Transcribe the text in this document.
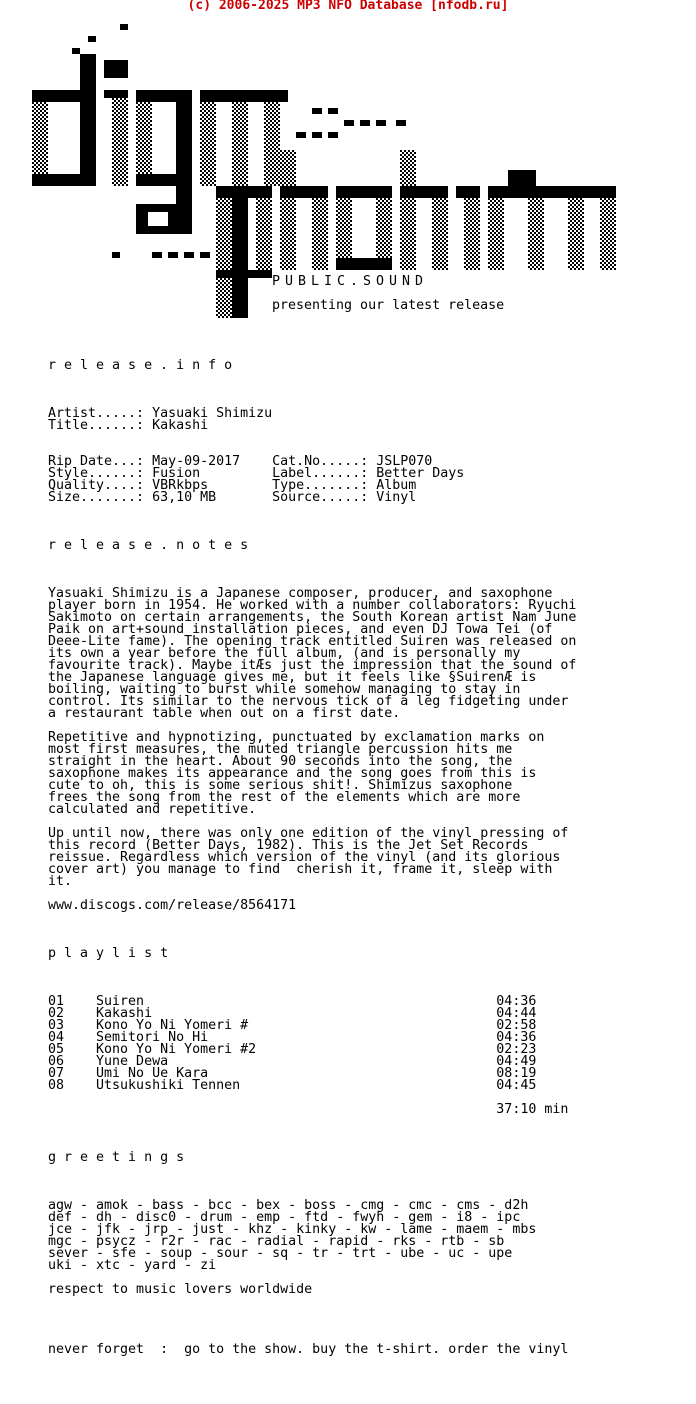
(c) 2006-2025 MP3 NFO Database [nfodb.ru]
PUBLIC.SOUND
presenting our latest release
r e l e a s e . i n f o
Artist.....: Yasuaki Shimizu
Title......: Kakashi
Rip Date...: May-09-2017    Cat.No.....: JSLP070
Style......: Fusion         Label......: Better Days
Quality....: VBRkbps        Type.......: Album
Size.......: 63,10 MB       Source.....: Vinyl
r e l e a s e . n o t e s
Yasuaki Shimizu is a Japanese composer, producer, and saxophone
player born in 1954. He worked with a number collaborators: Ryuchi
Sakimoto on certain arrangements, the South Korean artist Nam June
Paik on art+sound installation pieces, and even DJ Towa Tei (of
Deee-Lite fame). The opening track entitled Suiren was released on
its own a year before the full album, (and is personally my
favourite track). Maybe itÆs just the impression that the sound of
the Japanese language gives me, but it feels like §SuirenÆ is
boiling, waiting to burst while somehow managing to stay in
control. Its similar to the nervous tick of a leg fidgeting under
a restaurant table when out on a first date.
Repetitive and hypnotizing, punctuated by exclamation marks on
most first measures, the muted triangle percussion hits me
straight in the heart. About 90 seconds into the song, the
saxophone makes its appearance and the song goes from this is
cute to oh, this is some serious shit!. Shimizus saxophone
frees the song from the rest of the elements which are more
calculated and repetitive.
Up until now, there was only one edition of the vinyl pressing of
this record (Better Days, 1982). This is the Jet Set Records
reissue. Regardless which version of the vinyl (and its glorious
cover art) you manage to find  cherish it, frame it, sleep with
it.
www.discogs.com/release/8564171
p l a y l i s t
01    Suiren                                            04:36
02    Kakashi                                           04:44
03    Kono Yo Ni Yomeri #                               02:58
04    Semitori No Hi                                    04:36
05    Kono Yo Ni Yomeri #2                              02:23
06    Yune Dewa                                         04:49
07    Umi No Ue Kara                                    08:19
08    Utsukushiki Tennen                                04:45
37:10 min
g r e e t i n g s
agw - amok - bass - bcc - bex - boss - cmg - cmc - cms - d2h
def - dh - disc0 - drum - emp - ftd - fwyh - gem - i8 - ipc
jce - jfk - jrp - just - khz - kinky - kw - lame - maem - mbs
mgc - psycz - r2r - rac - radial - rapid - rks - rtb - sb
sever - sfe - soup - sour - sq - tr - trt - ube - uc - upe
uki - xtc - yard - zi
respect to music lovers worldwide
never forget  :  go to the show. buy the t-shirt. order the vinyl
